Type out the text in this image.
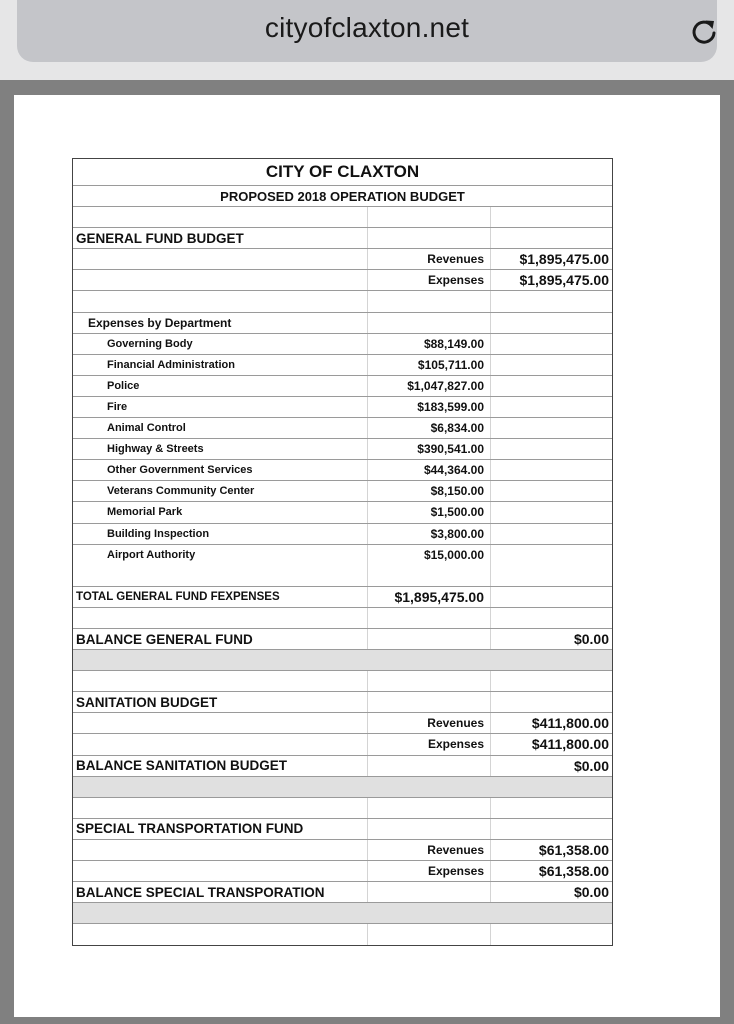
cityofclaxton.net
CITY OF CLAXTON
PROPOSED 2018 OPERATION BUDGET
GENERAL FUND BUDGET
Revenues	$1,895,475.00
Expenses	$1,895,475.00
Expenses by Department
Governing Body	$88,149.00
Financial Administration	$105,711.00
Police	$1,047,827.00
Fire	$183,599.00
Animal Control	$6,834.00
Highway & Streets	$390,541.00
Other Government Services	$44,364.00
Veterans Community Center	$8,150.00
Memorial Park	$1,500.00
Building Inspection	$3,800.00
Airport Authority	$15,000.00
TOTAL GENERAL FUND FEXPENSES	$1,895,475.00
BALANCE GENERAL FUND	$0.00
SANITATION BUDGET
Revenues	$411,800.00
Expenses	$411,800.00
BALANCE SANITATION BUDGET	$0.00
SPECIAL TRANSPORTATION FUND
Revenues	$61,358.00
Expenses	$61,358.00
BALANCE SPECIAL TRANSPORATION	$0.00
